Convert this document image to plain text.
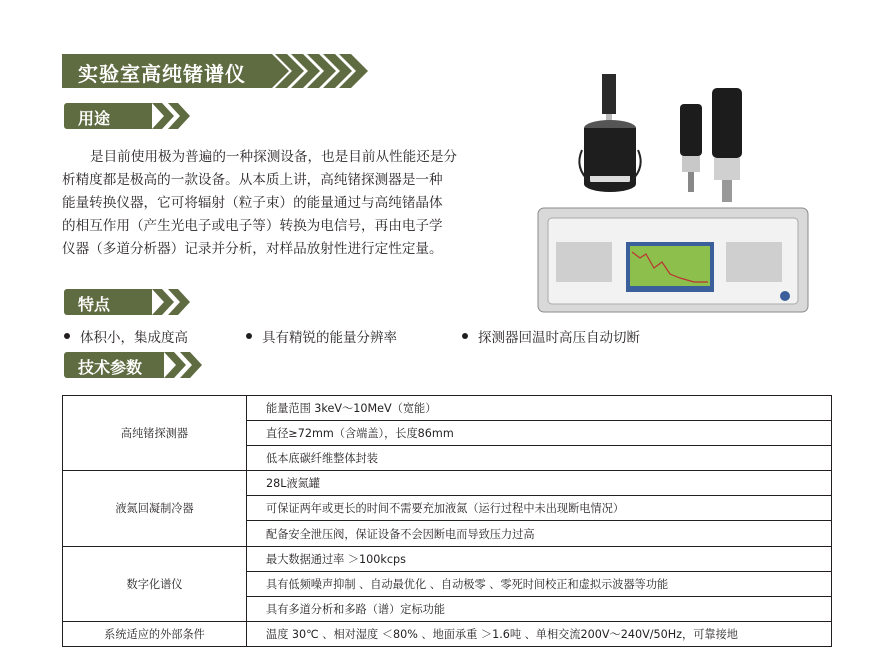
实验室高纯锗谱仪
用途
是目前使用极为普遍的一种探测设备，也是目前从性能还是分
析精度都是极高的一款设备。从本质上讲，高纯锗探测器是一种
能量转换仪器，它可将辐射（粒子束）的能量通过与高纯锗晶体
的相互作用（产生光电子或电子等）转换为电信号，再由电子学
仪器（多道分析器）记录并分析，对样品放射性进行定性定量。
特点
体积小，集成度高	具有精锐的能量分辨率	探测器回温时高压自动切断
技术参数
高纯锗探测器	能量范围 3keV～10MeV（宽能）
	直径≥72mm（含端盖），长度86mm
	低本底碳纤维整体封装
液氮回凝制冷器	28L液氮罐
	可保证两年或更长的时间不需要充加液氮（运行过程中未出现断电情况）
	配备安全泄压阀，保证设备不会因断电而导致压力过高
数字化谱仪	最大数据通过率 ＞100kcps
	具有低频噪声抑制 、自动最优化 、自动极零 、零死时间校正和虚拟示波器等功能
	具有多道分析和多路（谱）定标功能
系统适应的外部条件	温度 30℃ 、相对湿度 ＜80% 、地面承重 ＞1.6吨 、单相交流200V～240V/50Hz，可靠接地
